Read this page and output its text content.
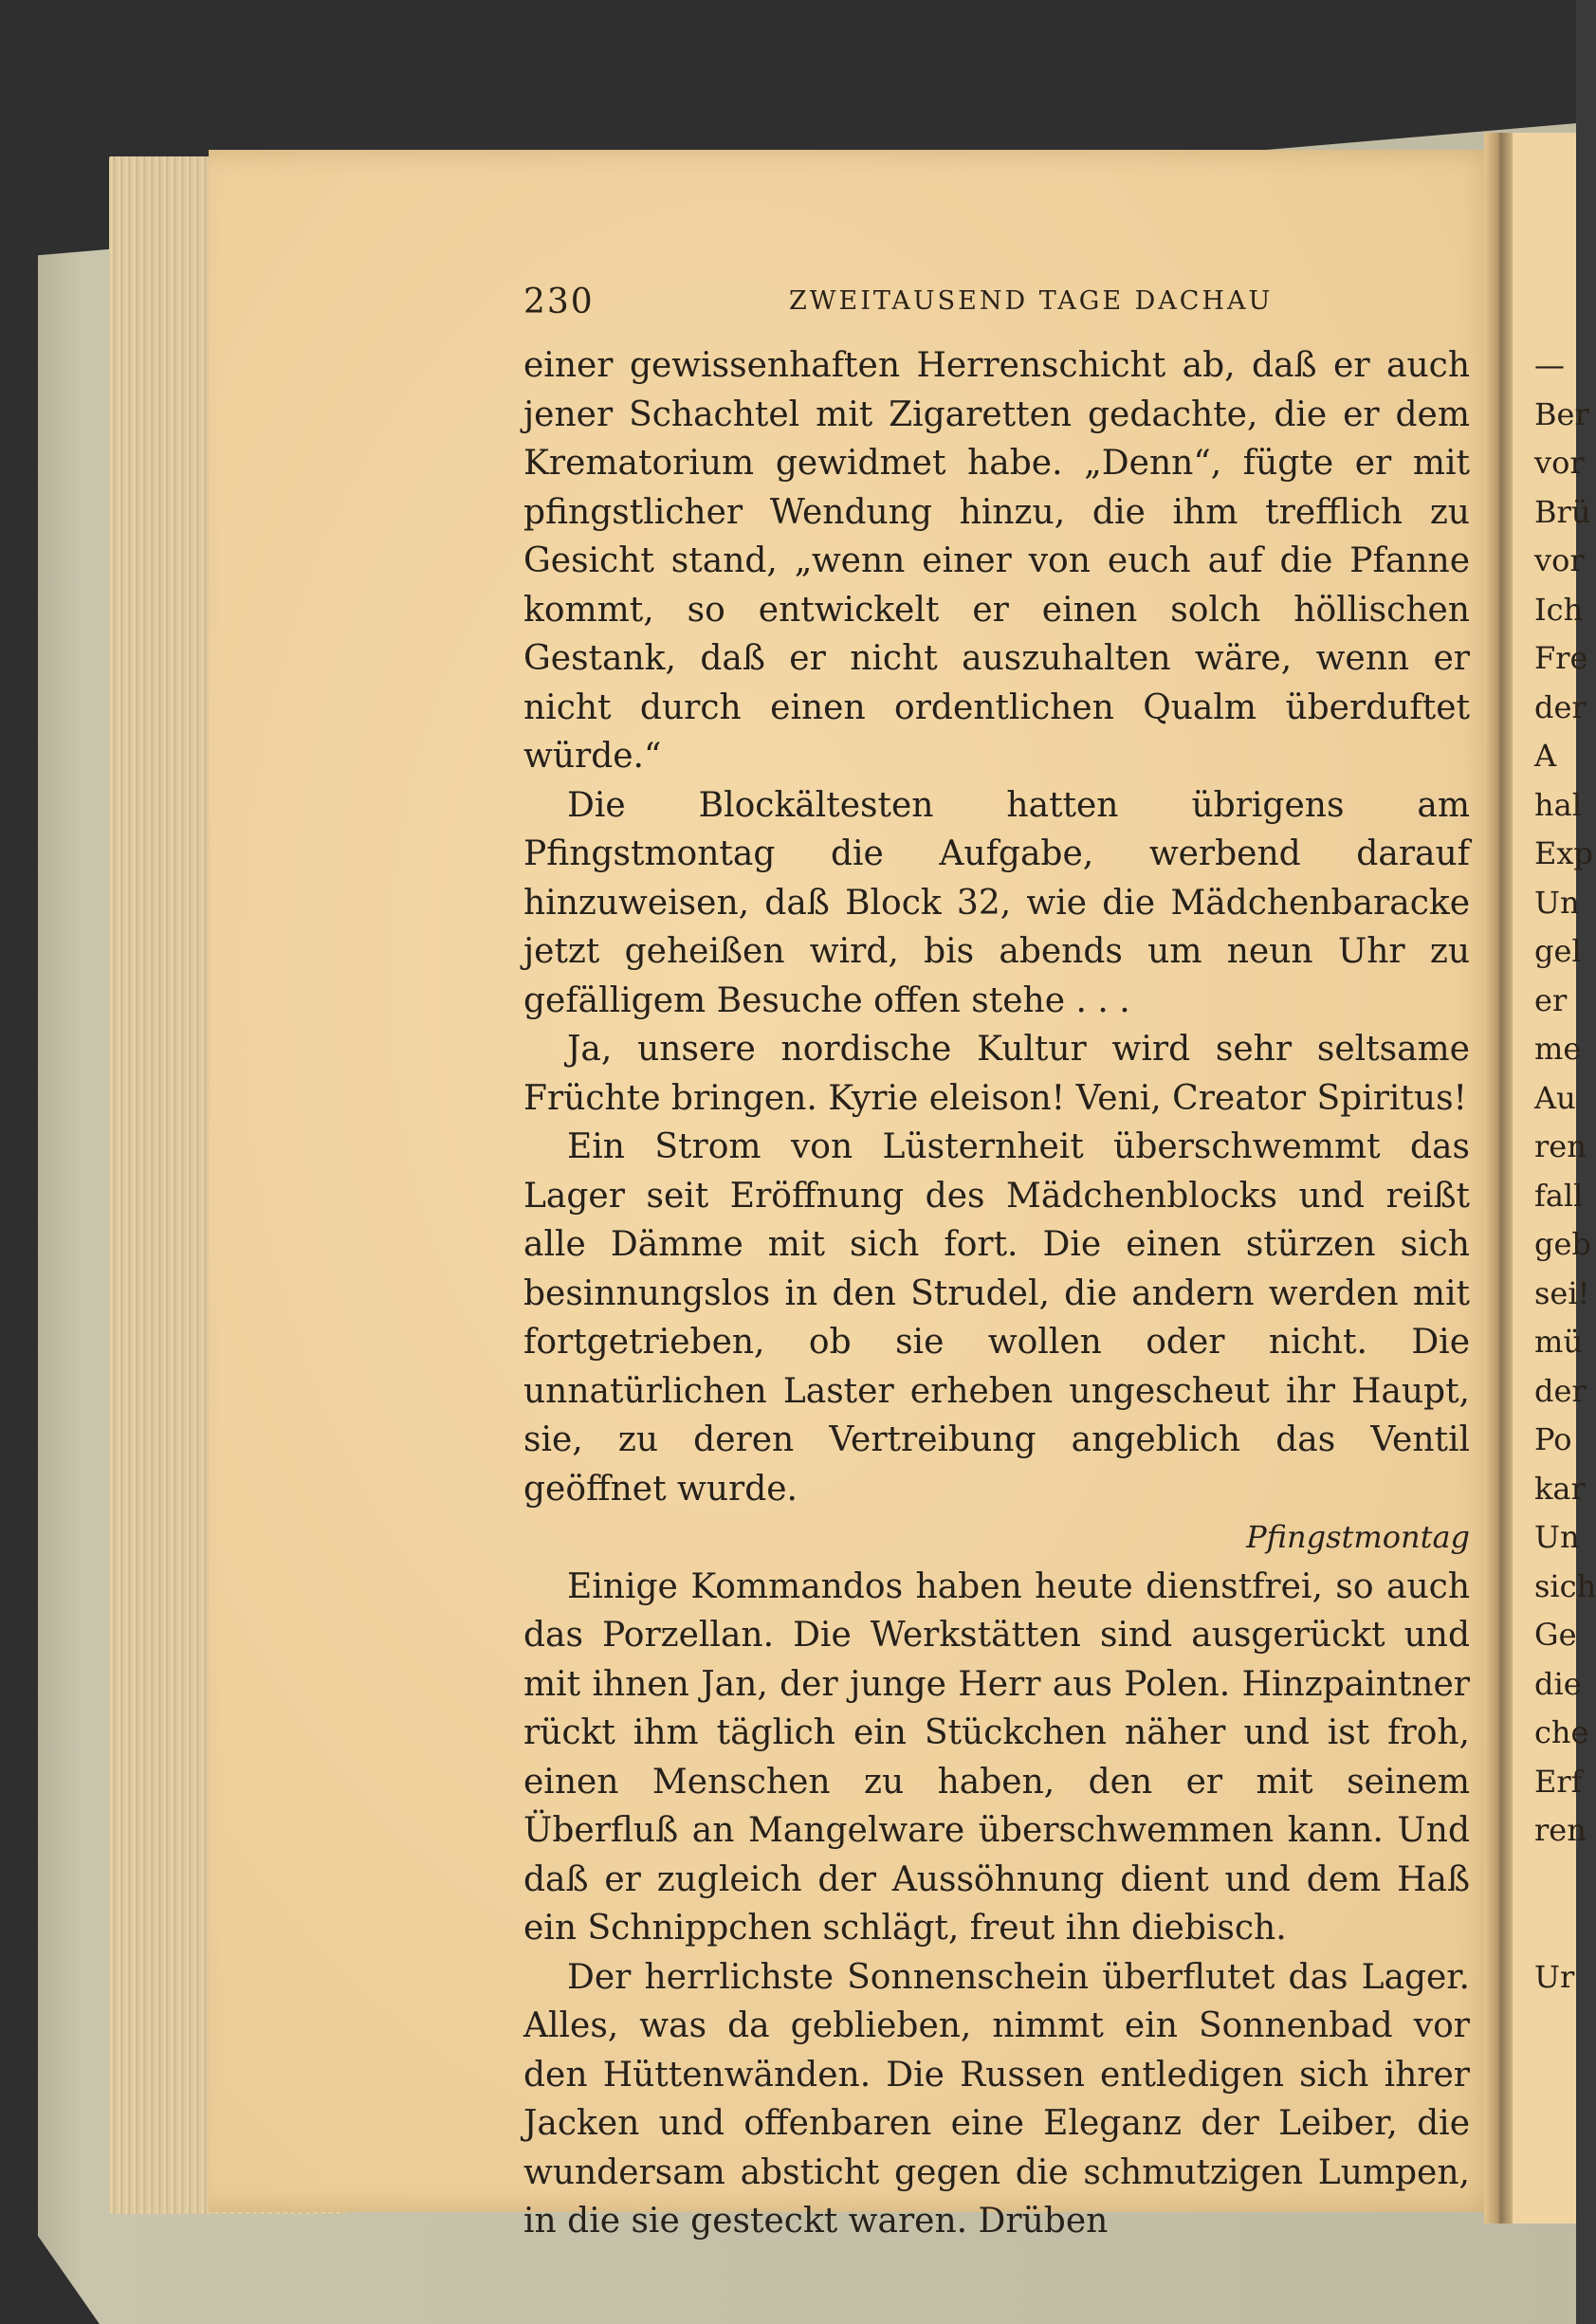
230	ZWEITAUSEND TAGE DACHAU

einer gewissenhaften Herrenschicht ab, daß er auch jener Schachtel mit Zigaretten gedachte, die er dem Krematorium gewidmet habe. „Denn“, fügte er mit pfingstlicher Wendung hinzu, die ihm trefflich zu Gesicht stand, „wenn einer von euch auf die Pfanne kommt, so entwickelt er einen solch höllischen Gestank, daß er nicht auszuhalten wäre, wenn er nicht durch einen ordentlichen Qualm überduftet würde.“

Die Blockältesten hatten übrigens am Pfingstmontag die Aufgabe, werbend darauf hinzuweisen, daß Block 32, wie die Mädchenbaracke jetzt geheißen wird, bis abends um neun Uhr zu gefälligem Besuche offen stehe . . .

Ja, unsere nordische Kultur wird sehr seltsame Früchte bringen. Kyrie eleison! Veni, Creator Spiritus!

Ein Strom von Lüsternheit überschwemmt das Lager seit Eröffnung des Mädchenblocks und reißt alle Dämme mit sich fort. Die einen stürzen sich besinnungslos in den Strudel, die andern werden mit fortgetrieben, ob sie wollen oder nicht. Die unnatürlichen Laster erheben ungescheut ihr Haupt, sie, zu deren Vertreibung angeblich das Ventil geöffnet wurde.

Pfingstmontag

Einige Kommandos haben heute dienstfrei, so auch das Porzellan. Die Werkstätten sind ausgerückt und mit ihnen Jan, der junge Herr aus Polen. Hinzpaintner rückt ihm täglich ein Stückchen näher und ist froh, einen Menschen zu haben, den er mit seinem Überfluß an Mangelware überschwemmen kann. Und daß er zugleich der Aussöhnung dient und dem Haß ein Schnippchen schlägt, freut ihn diebisch.

Der herrlichste Sonnenschein überflutet das Lager. Alles, was da geblieben, nimmt ein Sonnenbad vor den Hüttenwänden. Die Russen entledigen sich ihrer Jacken und offenbaren eine Eleganz der Leiber, die wundersam absticht gegen die schmutzigen Lumpen, in die sie gesteckt waren. Drüben

—
Ber
vor
Brü
vor
Ich
Fre
der
A
hal
Exp
Un
gel
er
me
Au
ren
fall
geb
sei!
mü
der
Po
kar
Un
sich
Ge
die
che
Erf
ren
Ur
